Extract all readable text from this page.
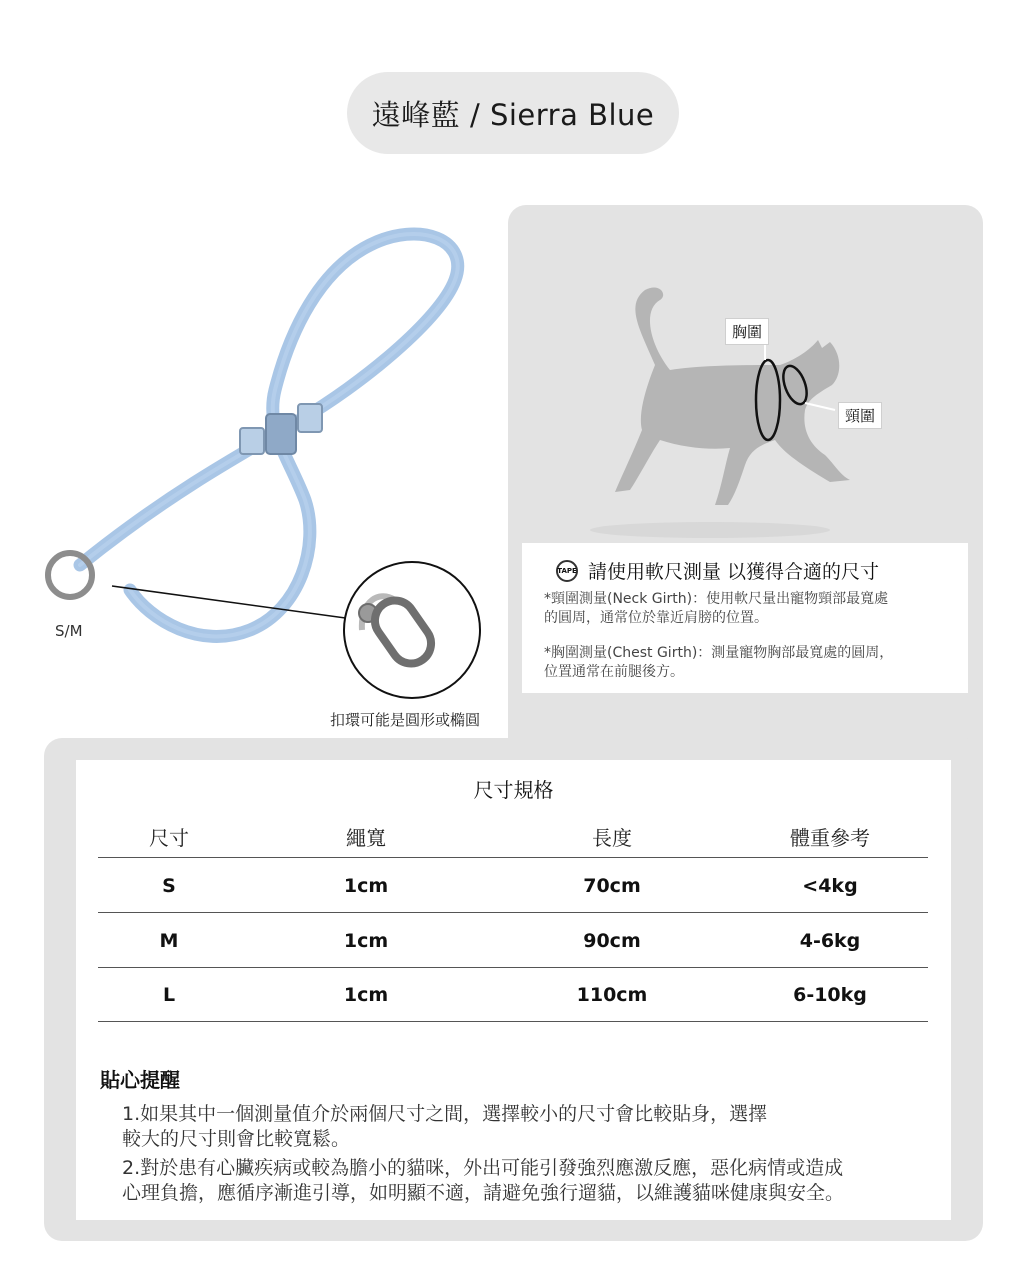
遠峰藍 / Sierra Blue
S/M
扣環可能是圓形或橢圓
胸圍
頸圍
TAPE 請使用軟尺測量 以獲得合適的尺寸
*頸圍測量(Neck Girth)：使用軟尺量出寵物頸部最寬處
的圓周，通常位於靠近肩膀的位置。
*胸圍測量(Chest Girth)：測量寵物胸部最寬處的圓周，
位置通常在前腿後方。
尺寸規格
尺寸	繩寬	長度	體重參考
S	1cm	70cm	<4kg
M	1cm	90cm	4-6kg
L	1cm	110cm	6-10kg
貼心提醒
1.如果其中一個測量值介於兩個尺寸之間，選擇較小的尺寸會比較貼身，選擇
較大的尺寸則會比較寬鬆。
2.對於患有心臟疾病或較為膽小的貓咪，外出可能引發強烈應激反應，惡化病情或造成
心理負擔，應循序漸進引導，如明顯不適，請避免強行遛貓，以維護貓咪健康與安全。
